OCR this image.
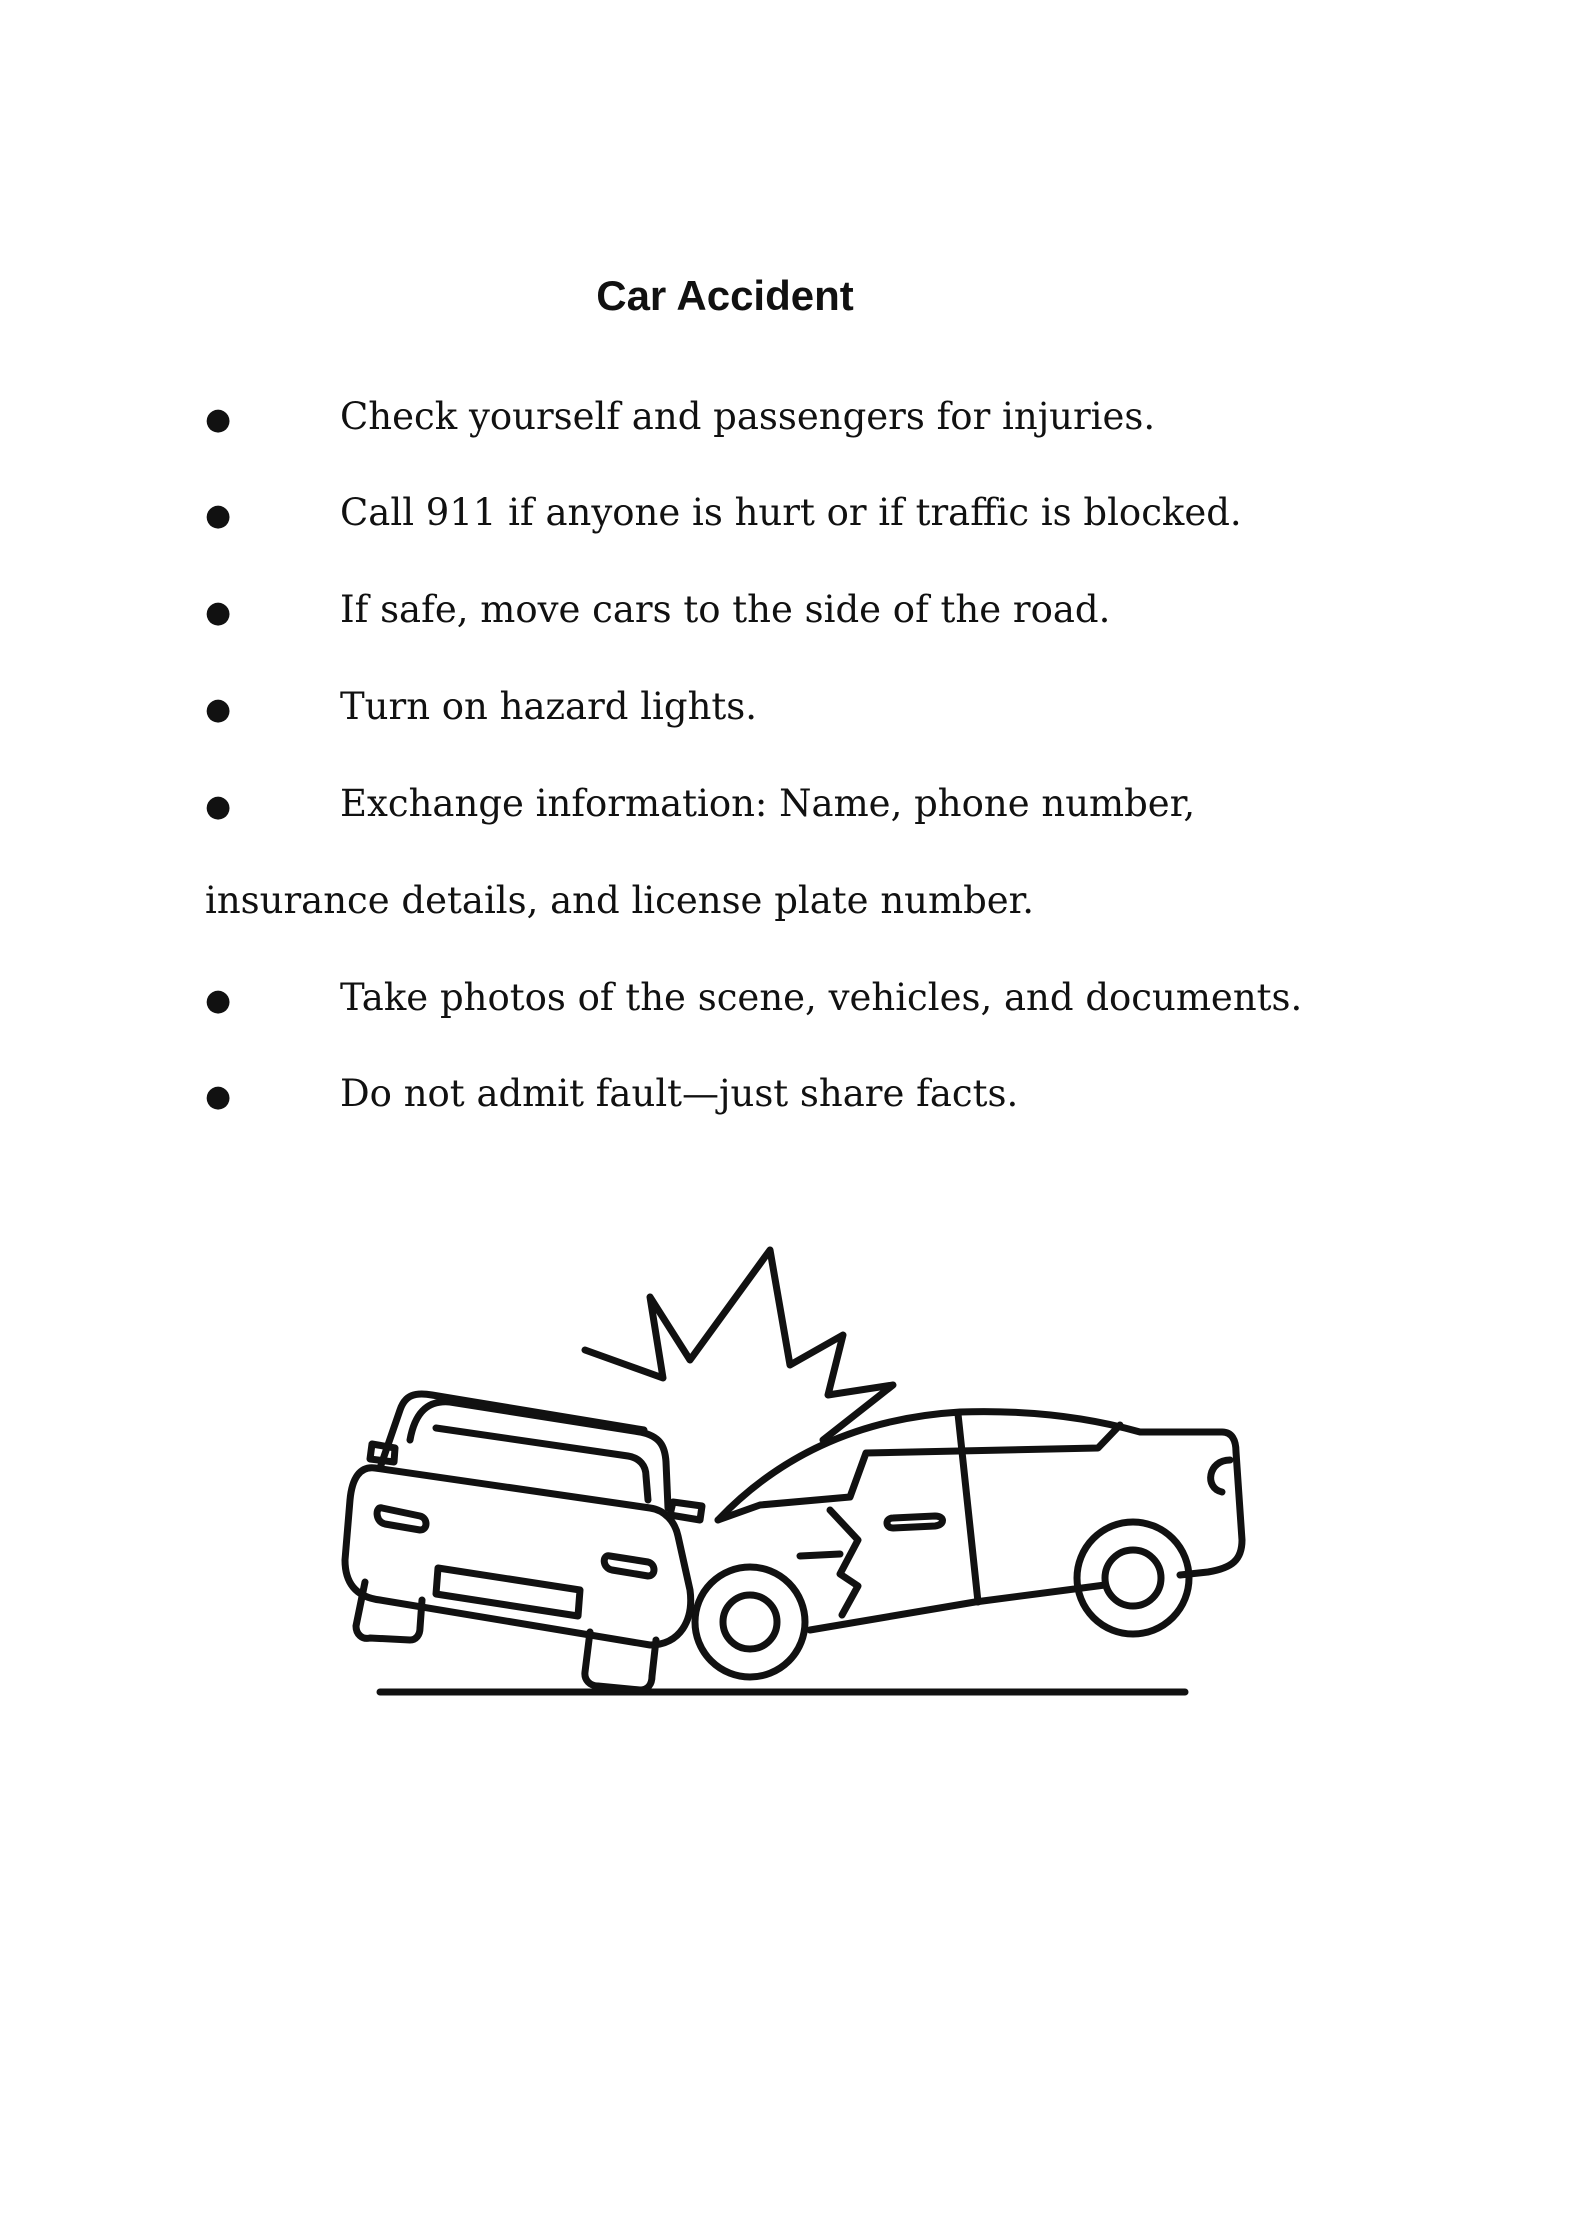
Car Accident
●	Check yourself and passengers for injuries.
●	Call 911 if anyone is hurt or if traffic is blocked.
●	If safe, move cars to the side of the road.
●	Turn on hazard lights.
●	Exchange information: Name, phone number,
insurance details, and license plate number.
●	Take photos of the scene, vehicles, and documents.
●	Do not admit fault—just share facts.
